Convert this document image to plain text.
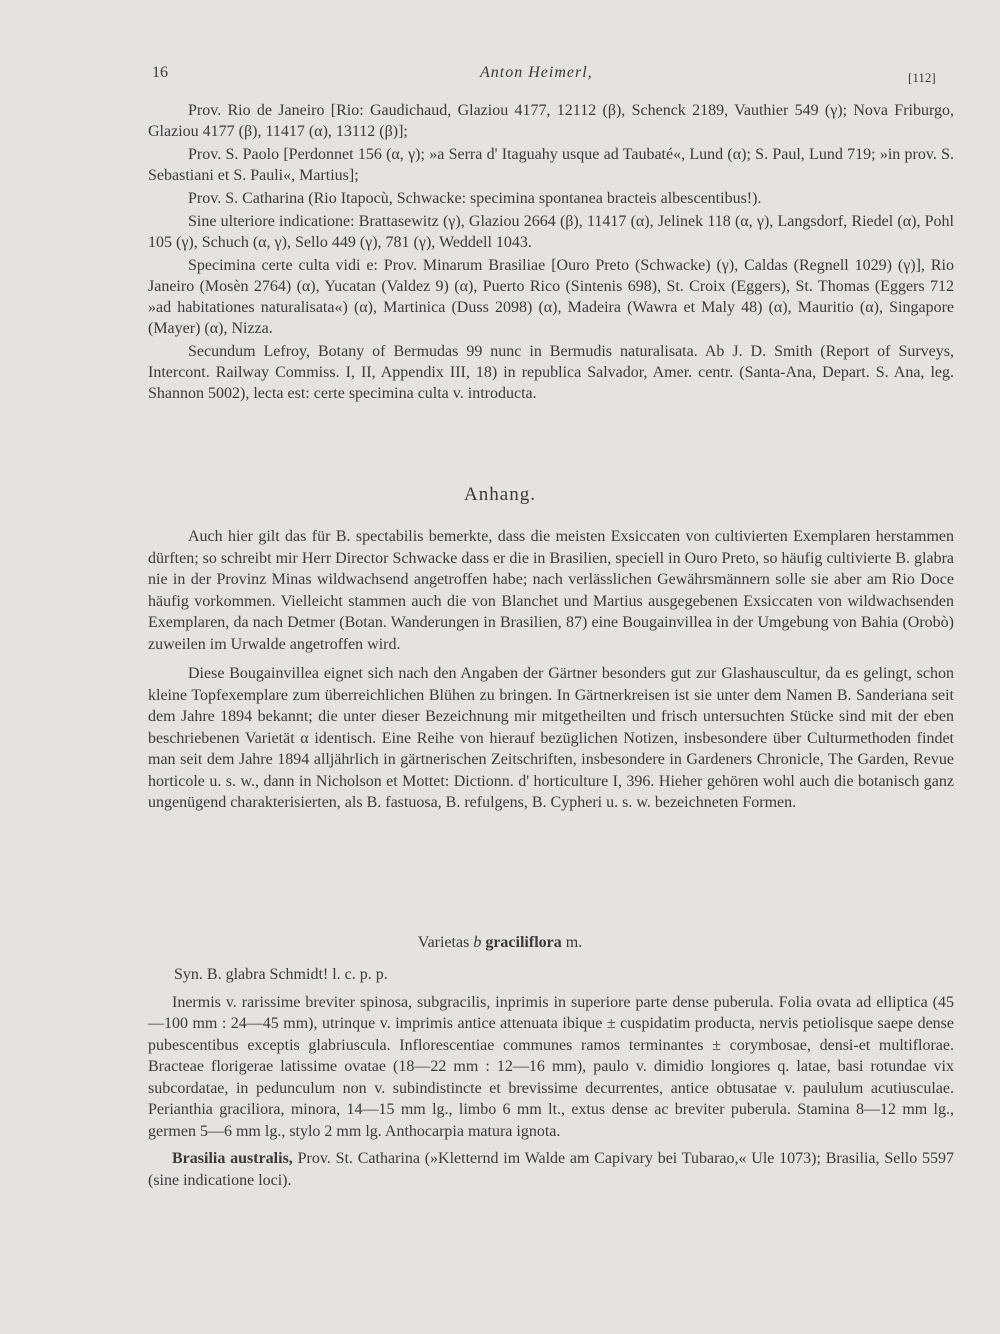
16	Anton Heimerl,	[112]

Prov. Rio de Janeiro [Rio: Gaudichaud, Glaziou 4177, 12112 (β), Schenck 2189, Vauthier 549 (γ); Nova Friburgo, Glaziou 4177 (β), 11417 (α), 13112 (β)];

Prov. S. Paolo [Perdonnet 156 (α, γ); »a Serra d' Itaguahy usque ad Taubaté«, Lund (α); S. Paul, Lund 719; »in prov. S. Sebastiani et S. Pauli«, Martius];

Prov. S. Catharina (Rio Itapocù, Schwacke: specimina spontanea bracteis albescentibus!).

Sine ulteriore indicatione: Brattasewitz (γ), Glaziou 2664 (β), 11417 (α), Jelinek 118 (α, γ), Langsdorf, Riedel (α), Pohl 105 (γ), Schuch (α, γ), Sello 449 (γ), 781 (γ), Weddell 1043.

Specimina certe culta vidi e: Prov. Minarum Brasiliae [Ouro Preto (Schwacke) (γ), Caldas (Regnell 1029) (γ)], Rio Janeiro (Mosèn 2764) (α), Yucatan (Valdez 9) (α), Puerto Rico (Sintenis 698), St. Croix (Eggers), St. Thomas (Eggers 712 »ad habitationes naturalisata«) (α), Martinica (Duss 2098) (α), Madeira (Wawra et Maly 48) (α), Mauritio (α), Singapore (Mayer) (α), Nizza.

Secundum Lefroy, Botany of Bermudas 99 nunc in Bermudis naturalisata. Ab J. D. Smith (Report of Surveys, Intercont. Railway Commiss. I, II, Appendix III, 18) in republica Salvador, Amer. centr. (Santa-Ana, Depart. S. Ana, leg. Shannon 5002), lecta est: certe specimina culta v. introducta.

Anhang.

Auch hier gilt das für B. spectabilis bemerkte, dass die meisten Exsiccaten von cultivierten Exemplaren herstammen dürften; so schreibt mir Herr Director Schwacke dass er die in Brasilien, speciell in Ouro Preto, so häufig cultivierte B. glabra nie in der Provinz Minas wildwachsend angetroffen habe; nach verlässlichen Gewährsmännern solle sie aber am Rio Doce häufig vorkommen. Vielleicht stammen auch die von Blanchet und Martius ausgegebenen Exsiccaten von wildwachsenden Exemplaren, da nach Detmer (Botan. Wanderungen in Brasilien, 87) eine Bougainvillea in der Umgebung von Bahia (Orobò) zuweilen im Urwalde angetroffen wird.

Diese Bougainvillea eignet sich nach den Angaben der Gärtner besonders gut zur Glashauscultur, da es gelingt, schon kleine Topfexemplare zum überreichlichen Blühen zu bringen. In Gärtnerkreisen ist sie unter dem Namen B. Sanderiana seit dem Jahre 1894 bekannt; die unter dieser Bezeichnung mir mitgetheilten und frisch untersuchten Stücke sind mit der eben beschriebenen Varietät α identisch. Eine Reihe von hierauf bezüglichen Notizen, insbesondere über Culturmethoden findet man seit dem Jahre 1894 alljährlich in gärtnerischen Zeitschriften, insbesondere in Gardeners Chronicle, The Garden, Revue horticole u. s. w., dann in Nicholson et Mottet: Dictionn. d' horticulture I, 396. Hieher gehören wohl auch die botanisch ganz ungenügend charakterisierten, als B. fastuosa, B. refulgens, B. Cypheri u. s. w. bezeichneten Formen.

Varietas b graciliflora m.

Syn. B. glabra Schmidt! l. c. p. p.

Inermis v. rarissime breviter spinosa, subgracilis, inprimis in superiore parte dense puberula. Folia ovata ad elliptica (45—100 mm : 24—45 mm), utrinque v. imprimis antice attenuata ibique ± cuspidatim producta, nervis petiolisque saepe dense pubescentibus exceptis glabriuscula. Inflorescentiae communes ramos terminantes ± corymbosae, densi-et multiflorae. Bracteae florigerae latissime ovatae (18—22 mm : 12—16 mm), paulo v. dimidio longiores q. latae, basi rotundae vix subcordatae, in pedunculum non v. subindistincte et brevissime decurrentes, antice obtusatae v. paululum acutiusculae. Perianthia graciliora, minora, 14—15 mm lg., limbo 6 mm lt., extus dense ac breviter puberula. Stamina 8—12 mm lg., germen 5—6 mm lg., stylo 2 mm lg. Anthocarpia matura ignota.

Brasilia australis, Prov. St. Catharina (»Kletternd im Walde am Capivary bei Tubarao,« Ule 1073); Brasilia, Sello 5597 (sine indicatione loci).
